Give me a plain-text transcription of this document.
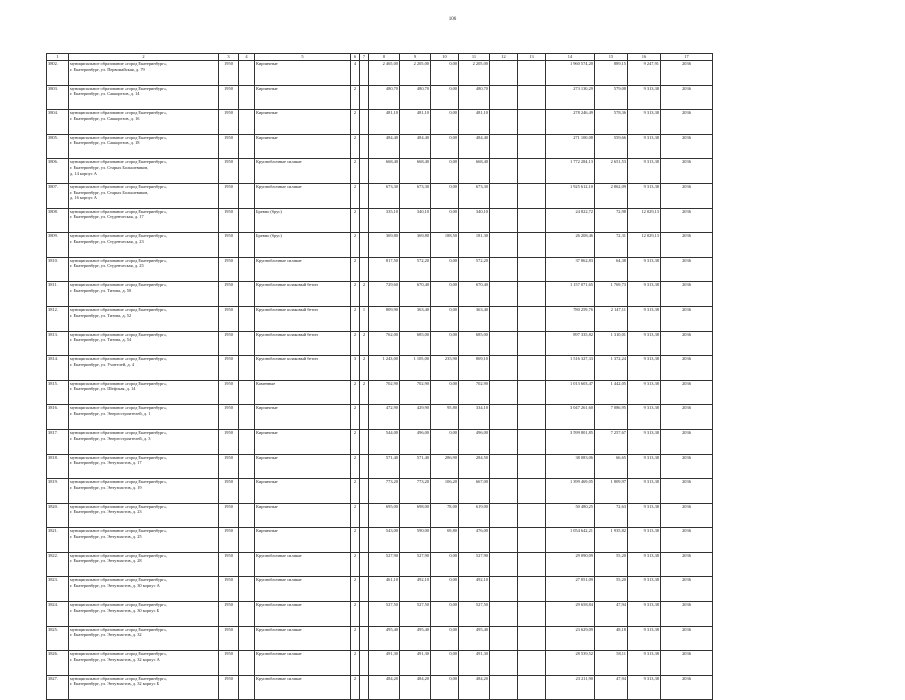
106
1	2	3	4	5	6	7	8	9	10	11	12	13	14	15	16	17
3802.	муниципальное образование «город Екатеринбург»,
г. Екатеринбург, ул. Первомайская, д. 79	1950		Кирпичные	4		2 465,00	2 205,00	0,00	2 205,00			1 960 574,20	889,15	9 247,91	2036
3803.	муниципальное образование «город Екатеринбург»,
г. Екатеринбург, ул. Саккорезов, д. 14	1950		Кирпичные	2		480,70	480,70	0,00	480,70			273 130,29	579,08	9 313,38	2036
3804.	муниципальное образование «город Екатеринбург»,
г. Екатеринбург, ул. Саккорезов, д. 16	1950		Кирпичные	2		481,10	481,10	0,00	481,10			278 246,49	578,36	9 313,38	2036
3805.	муниципальное образование «город Екатеринбург»,
г. Екатеринбург, ул. Саккорезов, д. 18	1950		Кирпичные	2		484,40	484,40	0,00	484,40			271 100,08	559,66	9 313,38	2036
3806.	муниципальное образование «город Екатеринбург»,
г. Екатеринбург, ул. Старых Большевиков,
д. 14 корпус А	1950		Крупноблочные силикат	2		668,40	668,40	0,00	668,40			1 772 284,13	2 651,53	9 313,38	2036
3807.	муниципальное образование «город Екатеринбург»,
г. Екатеринбург, ул. Старых Большевиков,
д. 16 корпус А	1950		Крупноблочные силикат	2		673,30	673,30	0,00	673,30			1 925 612,10	2 862,09	9 313,38	2036
3808.	муниципальное образование «город Екатеринбург»,
г. Екатеринбург, ул. Студенческая, д. 17	1950		Бревно (брус)	2		335,10	340,10	0,00	340,10			24 822,72	72,98	12 029,13	2036
3809.	муниципальное образование «город Екатеринбург»,
г. Екатеринбург, ул. Студенческая, д. 23	1950		Бревно (брус)	2		369,80	369,80	188,50	181,30			26 208,46	72,31	12 029,13	2036
3810.	муниципальное образование «город Екатеринбург»,
г. Екатеринбург, ул. Студенческая, д. 25	1950		Крупноблочные силикат	2		817,50	572,20	0,00	572,20			37 862,83	64,38	9 313,38	2036
3811.	муниципальное образование «город Екатеринбург»,
г. Екатеринбург, ул. Титова, д. 50	1950		Крупноблочные шлаковый бетон	2	2	729,60	670,40	0,00	670,40			1 157 071,65	1 769,73	9 313,38	2036
3812.	муниципальное образование «город Екатеринбург»,
г. Екатеринбург, ул. Титова, д. 52	1950		Крупноблочные шлаковый бетон	2	1	809,90	363,40	0,00	363,40			780 259,76	2 147,11	9 313,38	2036
3813.	муниципальное образование «город Екатеринбург»,
г. Екатеринбург, ул. Титова, д. 54	1950		Крупноблочные шлаковый бетон	2	2	762,00	685,00	0,00	685,00			897 335,82	1 310,01	9 313,38	2036
3814.	муниципальное образование «город Екатеринбург»,
г. Екатеринбург, ул. Учителей, д. 4	1950		Крупноблочные шлаковый бетон	3	2	1 243,00	1 105,00	235,90	869,10			1 516 327,33	1 372,24	9 313,38	2036
3815.	муниципальное образование «город Екатеринбург»,
г. Екатеринбург, ул. Шефская, д. 14	1950		Каменные	2	2	702,90	702,90	0,00	702,90			1 013 603,47	1 442,05	9 313,38	2036
3816.	муниципальное образование «город Екатеринбург»,
г. Екатеринбург, ул. Энергостроителей, д. 1	1950		Кирпичные	2		472,90	429,90	95,80	334,10			3 047 261,60	7 086,95	9 313,38	2036
3817.	муниципальное образование «город Екатеринбург»,
г. Екатеринбург, ул. Энергостроителей, д. 3	1950		Кирпичные	2		544,00	496,00	0,00	496,00			3 599 801,85	7 257,67	9 313,38	2036
3818.	муниципальное образование «город Екатеринбург»,
г. Екатеринбург, ул. Энтузиастов, д. 17	1950		Кирпичные	2		571,40	571,40	286,90	284,50			38 083,06	66,65	9 313,38	2036
3819.	муниципальное образование «город Екатеринбург»,
г. Екатеринбург, ул. Энтузиастов, д. 19	1950		Кирпичные	2		773,20	773,20	106,20	667,00			1 399 469,05	1 809,97	9 313,38	2036
3820.	муниципальное образование «город Екатеринбург»,
г. Екатеринбург, ул. Энтузиастов, д. 23	1950		Кирпичные	2		695,00	698,00	78,00	619,00			50 480,25	72,63	9 313,38	2036
3821.	муниципальное образование «город Екатеринбург»,
г. Екатеринбург, ул. Энтузиастов, д. 25	1950		Кирпичные	2		543,00	590,00	69,80	476,00			1 054 642,21	1 935,82	9 313,38	2036
3822.	муниципальное образование «город Екатеринбург»,
г. Екатеринбург, ул. Энтузиастов, д. 28	1950		Крупноблочные силикат	2		527,90	527,90	0,00	527,90			29 090,09	55,20	9 313,38	2036
3823.	муниципальное образование «город Екатеринбург»,
г. Екатеринбург, ул. Энтузиастов, д. 30 корпус А	1950		Крупноблочные силикат	2		461,10	492,10	0,00	492,10			27 051,09	55,20	9 313,38	2036
3824.	муниципальное образование «город Екатеринбург»,
г. Екатеринбург, ул. Энтузиастов, д. 30 корпус Б	1950		Крупноблочные силикат	2		527,50	527,50	0,00	527,50			29 658,84	47,94	9 313,38	2036
3825.	муниципальное образование «город Екатеринбург»,
г. Екатеринбург, ул. Энтузиастов, д. 32	1950		Крупноблочные силикат	2		495,40	495,40	0,00	495,40			23 629,09	48,18	9 313,38	2036
3826.	муниципальное образование «город Екатеринбург»,
г. Екатеринбург, ул. Энтузиастов, д. 32 корпус А	1950		Крупноблочные силикат	2		491,30	491,30	0,00	491,30			28 539,52	58,11	9 313,38	2036
3827.	муниципальное образование «город Екатеринбург»,
г. Екатеринбург, ул. Энтузиастов, д. 32 корпус Б	1950		Крупноблочные силикат	2		484,20	484,20	0,00	484,20			23 211,90	47,94	9 313,38	2036
